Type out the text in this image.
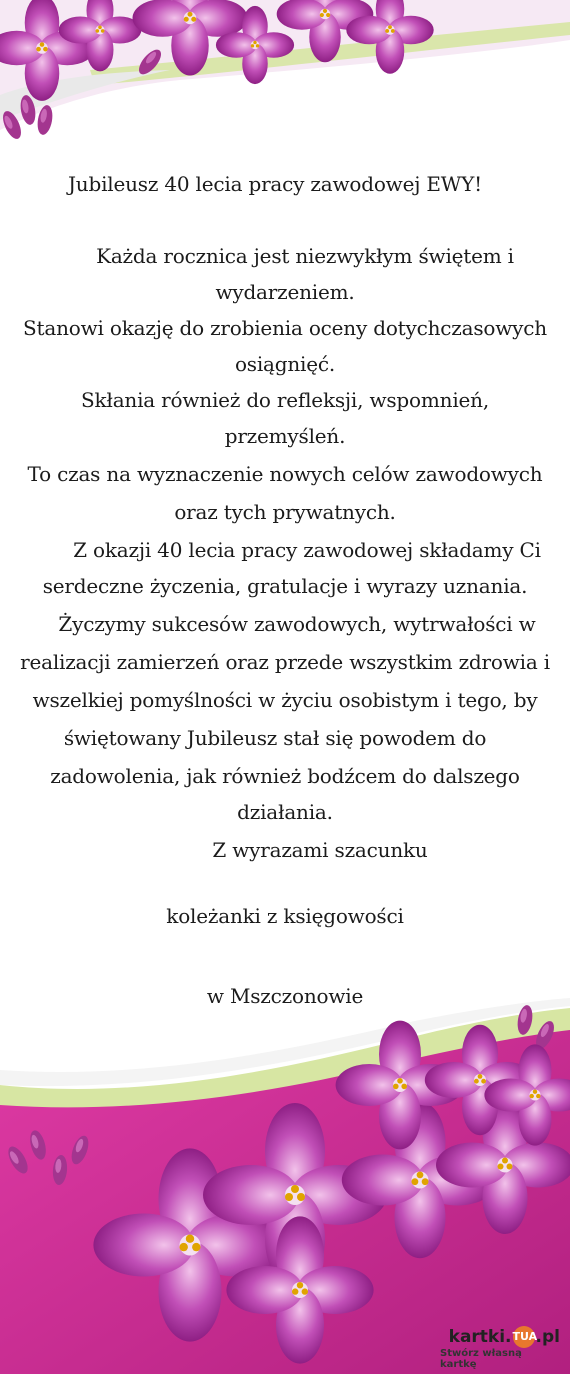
Jubileusz 40 lecia pracy zawodowej EWY!
Każda rocznica jest niezwykłym świętem i
wydarzeniem.
Stanowi okazję do zrobienia oceny dotychczasowych
osiągnięć.
Skłania również do refleksji, wspomnień,
przemyśleń.
To czas na wyznaczenie nowych celów zawodowych
oraz tych prywatnych.
Z okazji 40 lecia pracy zawodowej składamy Ci
serdeczne życzenia, gratulacje i wyrazy uznania.
Życzymy sukcesów zawodowych, wytrwałości w
realizacji zamierzeń oraz przede wszystkim zdrowia i
wszelkiej pomyślności w życiu osobistym i tego, by
świętowany Jubileusz stał się powodem do
zadowolenia, jak również bodźcem do dalszego
działania.
Z wyrazami szacunku
koleżanki z księgowości
w Mszczonowie
kartki.TUA.pl
Stwórz własną kartkę
